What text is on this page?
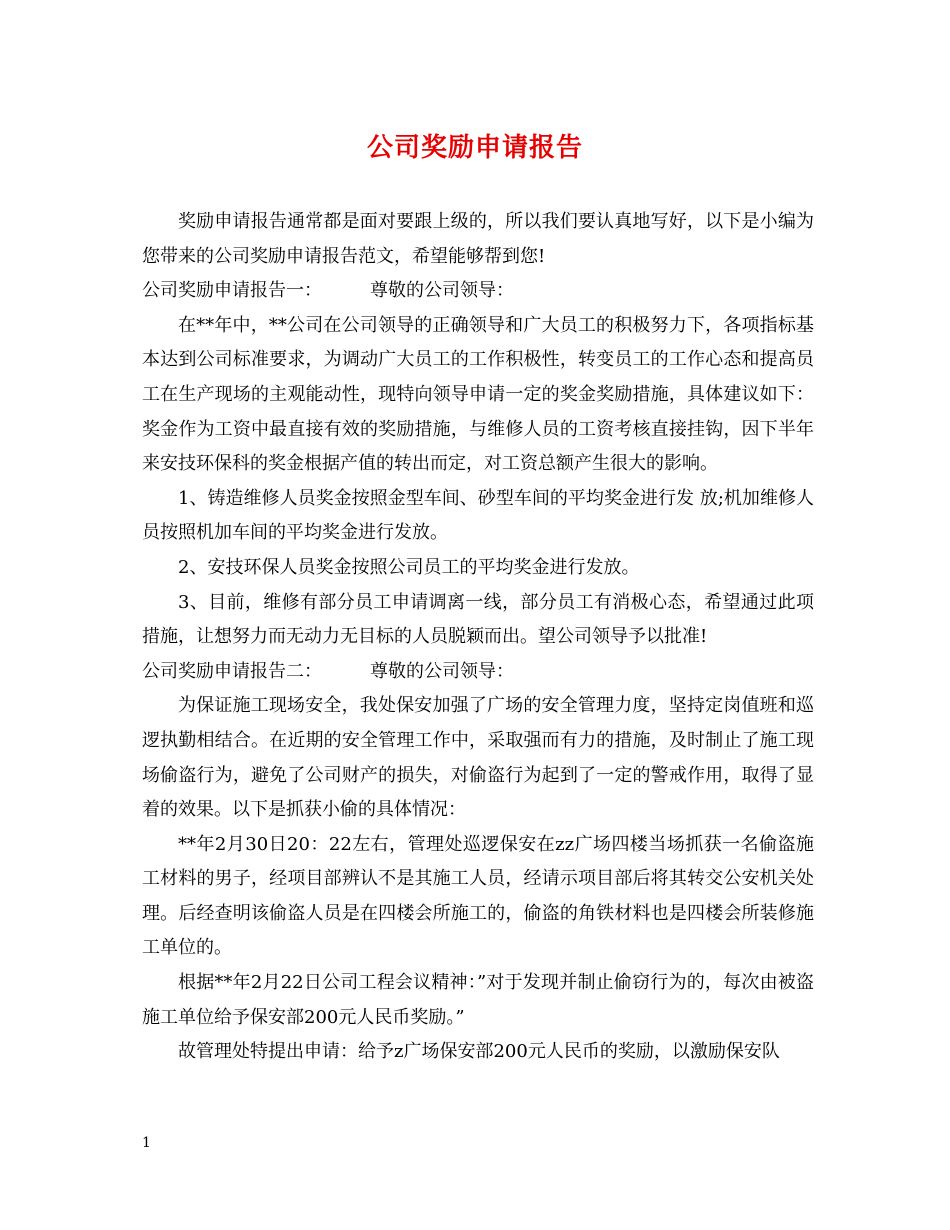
公司奖励申请报告

奖励申请报告通常都是面对要跟上级的，所以我们要认真地写好，以下是小编为您带来的公司奖励申请报告范文，希望能够帮到您!

公司奖励申请报告一：	尊敬的公司领导：

在**年中，**公司在公司领导的正确领导和广大员工的积极努力下，各项指标基本达到公司标准要求，为调动广大员工的工作积极性，转变员工的工作心态和提高员工在生产现场的主观能动性，现特向领导申请一定的奖金奖励措施，具体建议如下： 奖金作为工资中最直接有效的奖励措施，与维修人员的工资考核直接挂钩，因下半年来安技环保科的奖金根据产值的转出而定，对工资总额产生很大的影响。

1、铸造维修人员奖金按照金型车间、砂型车间的平均奖金进行发 放;机加维修人员按照机加车间的平均奖金进行发放。

2、安技环保人员奖金按照公司员工的平均奖金进行发放。

3、目前，维修有部分员工申请调离一线，部分员工有消极心态，希望通过此项措施，让想努力而无动力无目标的人员脱颖而出。望公司领导予以批准!

公司奖励申请报告二：	尊敬的公司领导：

为保证施工现场安全，我处保安加强了广场的安全管理力度，坚持定岗值班和巡逻执勤相结合。在近期的安全管理工作中，采取强而有力的措施，及时制止了施工现场偷盗行为，避免了公司财产的损失，对偷盗行为起到了一定的警戒作用，取得了显着的效果。以下是抓获小偷的具体情况：

**年2月30日20：22左右，管理处巡逻保安在zz广场四楼当场抓获一名偷盗施工材料的男子，经项目部辨认不是其施工人员，经请示项目部后将其转交公安机关处理。后经查明该偷盗人员是在四楼会所施工的，偷盗的角铁材料也是四楼会所装修施工单位的。

根据**年2月22日公司工程会议精神：”对于发现并制止偷窃行为的，每次由被盗施工单位给予保安部200元人民币奖励。”

故管理处特提出申请：给予z广场保安部200元人民币的奖励，以激励保安队

1
